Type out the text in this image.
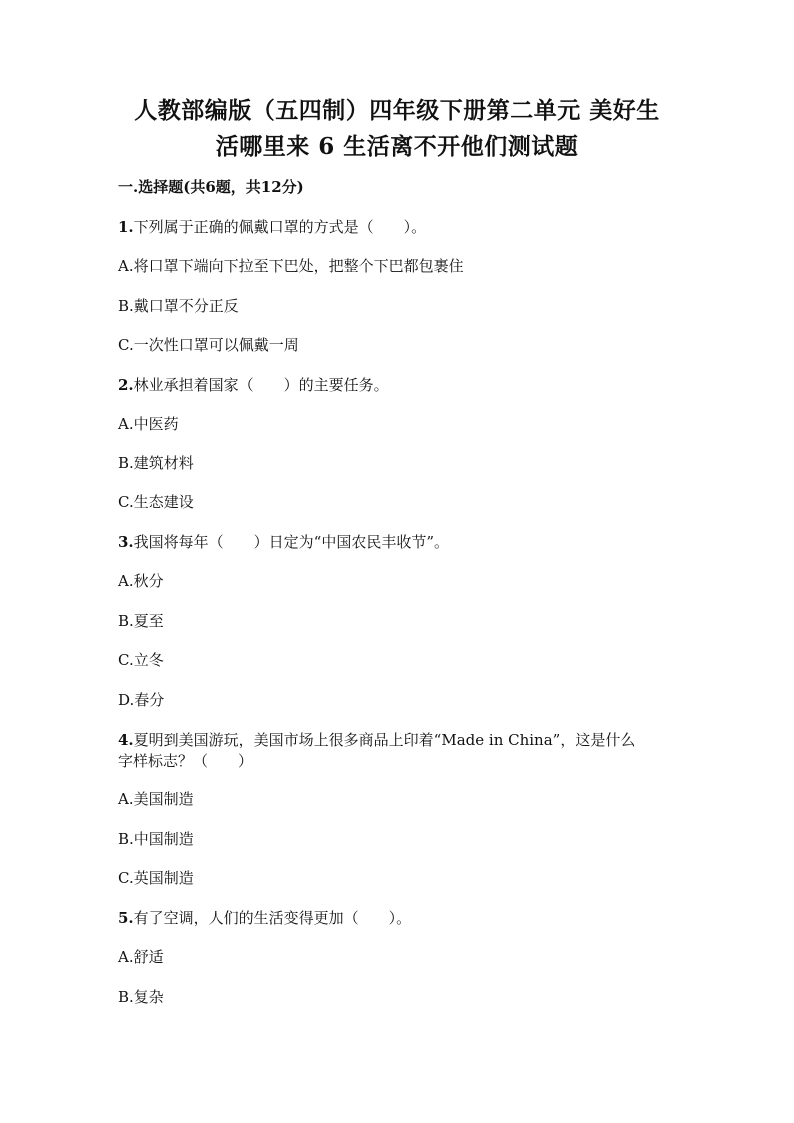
人教部编版（五四制）四年级下册第二单元 美好生
活哪里来 6 生活离不开他们测试题
一.选择题(共6题，共12分)
1.下列属于正确的佩戴口罩的方式是（　　）。
A.将口罩下端向下拉至下巴处，把整个下巴都包裹住
B.戴口罩不分正反
C.一次性口罩可以佩戴一周
2.林业承担着国家（　　）的主要任务。
A.中医药
B.建筑材料
C.生态建设
3.我国将每年（　　）日定为“中国农民丰收节”。
A.秋分
B.夏至
C.立冬
D.春分
4.夏明到美国游玩，美国市场上很多商品上印着“Made in China”，这是什么
字样标志？（　　）
A.美国制造
B.中国制造
C.英国制造
5.有了空调，人们的生活变得更加（　　）。
A.舒适
B.复杂
